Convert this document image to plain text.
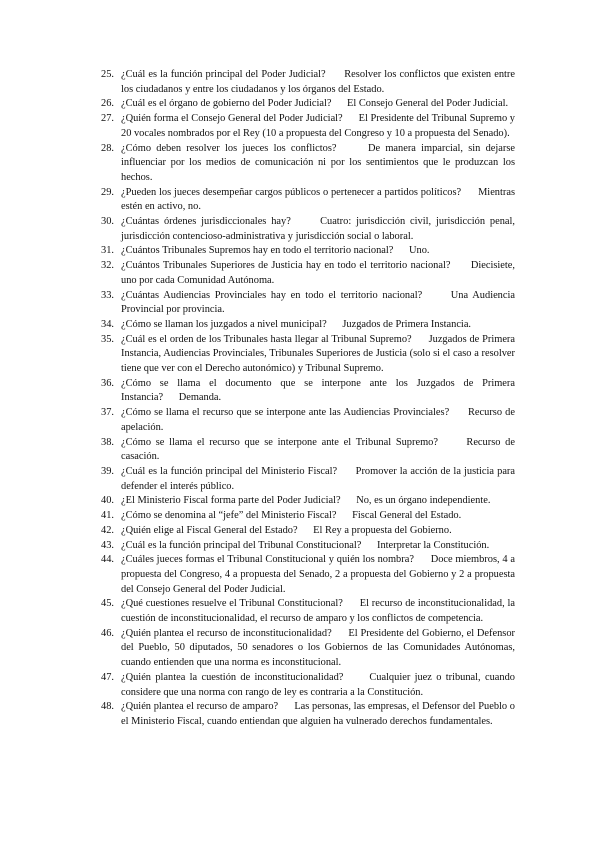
25. ¿Cuál es la función principal del Poder Judicial? Resolver los conflictos que existen entre los ciudadanos y entre los ciudadanos y los órganos del Estado.
26. ¿Cuál es el órgano de gobierno del Poder Judicial? El Consejo General del Poder Judicial.
27. ¿Quién forma el Consejo General del Poder Judicial? El Presidente del Tribunal Supremo y 20 vocales nombrados por el Rey (10 a propuesta del Congreso y 10 a propuesta del Senado).
28. ¿Cómo deben resolver los jueces los conflictos?	De manera imparcial, sin dejarse influenciar por los medios de comunicación ni por los sentimientos que le produzcan los hechos.
29. ¿Pueden los jueces desempeñar cargos públicos o pertenecer a partidos políticos? Mientras estén en activo, no.
30. ¿Cuántas órdenes jurisdiccionales hay?	Cuatro: jurisdicción civil, jurisdicción penal, jurisdicción contencioso-administrativa y jurisdicción social o laboral.
31. ¿Cuántos Tribunales Supremos hay en todo el territorio nacional? Uno.
32. ¿Cuántos Tribunales Superiores de Justicia hay en todo el territorio nacional? Diecisiete, uno por cada Comunidad Autónoma.
33. ¿Cuántas Audiencias Provinciales hay en todo el territorio nacional?	Una Audiencia Provincial por provincia.
34. ¿Cómo se llaman los juzgados a nivel municipal? Juzgados de Primera Instancia.
35. ¿Cuál es el orden de los Tribunales hasta llegar al Tribunal Supremo? Juzgados de Primera Instancia, Audiencias Provinciales, Tribunales Superiores de Justicia (solo si el caso a resolver tiene que ver con el Derecho autonómico) y Tribunal Supremo.
36. ¿Cómo se llama el documento que se interpone ante los Juzgados de Primera Instancia? Demanda.
37. ¿Cómo se llama el recurso que se interpone ante las Audiencias Provinciales? Recurso de apelación.
38. ¿Cómo se llama el recurso que se interpone ante el Tribunal Supremo?	Recurso de casación.
39. ¿Cuál es la función principal del Ministerio Fiscal? Promover la acción de la justicia para defender el interés público.
40. ¿El Ministerio Fiscal forma parte del Poder Judicial? No, es un órgano independiente.
41. ¿Cómo se denomina al “jefe” del Ministerio Fiscal? Fiscal General del Estado.
42. ¿Quién elige al Fiscal General del Estado? El Rey a propuesta del Gobierno.
43. ¿Cuál es la función principal del Tribunal Constitucional? Interpretar la Constitución.
44. ¿Cuáles jueces formas el Tribunal Constitucional y quién los nombra? Doce miembros, 4 a propuesta del Congreso, 4 a propuesta del Senado, 2 a propuesta del Gobierno y 2 a propuesta del Consejo General del Poder Judicial.
45. ¿Qué cuestiones resuelve el Tribunal Constitucional? El recurso de inconstitucionalidad, la cuestión de inconstitucionalidad, el recurso de amparo y los conflictos de competencia.
46. ¿Quién plantea el recurso de inconstitucionalidad? El Presidente del Gobierno, el Defensor del Pueblo, 50 diputados, 50 senadores o los Gobiernos de las Comunidades Autónomas, cuando entienden que una norma es inconstitucional.
47. ¿Quién plantea la cuestión de inconstitucionalidad? Cualquier juez o tribunal, cuando considere que una norma con rango de ley es contraria a la Constitución.
48. ¿Quién plantea el recurso de amparo? Las personas, las empresas, el Defensor del Pueblo o el Ministerio Fiscal, cuando entiendan que alguien ha vulnerado derechos fundamentales.
